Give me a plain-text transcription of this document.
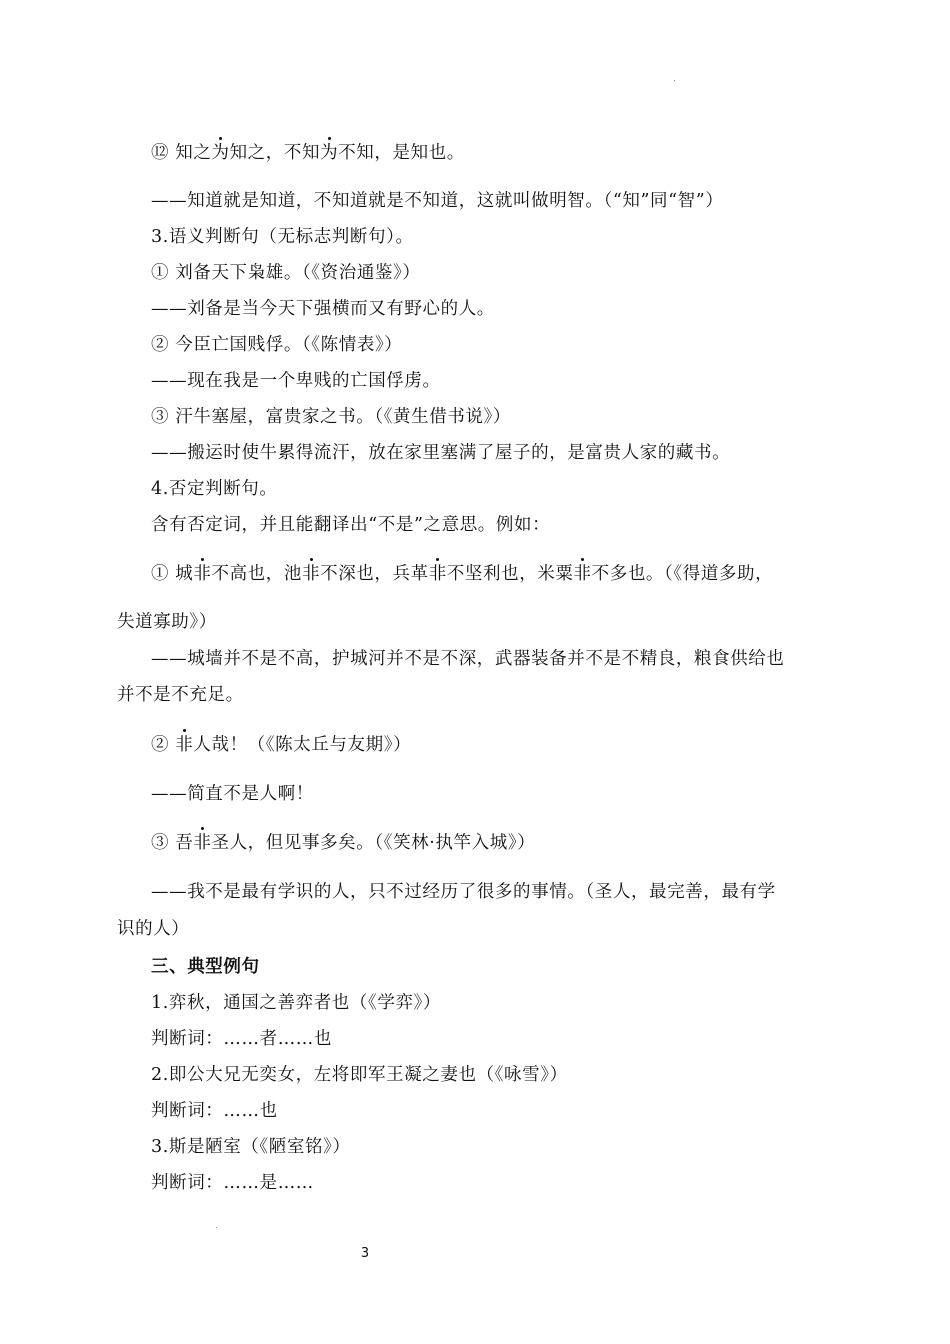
⑫ 知之为知之，不知为不知，是知也。
——知道就是知道，不知道就是不知道，这就叫做明智。（“知”同“智”）
3.语义判断句（无标志判断句）。
① 刘备天下枭雄。（《资治通鉴》）
——刘备是当今天下强横而又有野心的人。
② 今臣亡国贱俘。（《陈情表》）
——现在我是一个卑贱的亡国俘虏。
③ 汗牛塞屋，富贵家之书。（《黄生借书说》）
——搬运时使牛累得流汗，放在家里塞满了屋子的，是富贵人家的藏书。
4.否定判断句。
含有否定词，并且能翻译出“不是”之意思。例如：
① 城非不高也，池非不深也，兵革非不坚利也，米粟非不多也。（《得道多助，
失道寡助》）
——城墙并不是不高，护城河并不是不深，武器装备并不是不精良，粮食供给也
并不是不充足。
② 非人哉！（《陈太丘与友期》）
——简直不是人啊！
③ 吾非圣人，但见事多矣。（《笑林·执竿入城》）
——我不是最有学识的人，只不过经历了很多的事情。（圣人，最完善，最有学
识的人）
三、典型例句
1.弈秋，通国之善弈者也（《学弈》）
判断词：……者……也
2.即公大兄无奕女，左将即军王凝之妻也（《咏雪》）
判断词：……也
3.斯是陋室（《陋室铭》）
判断词：……是……
3
